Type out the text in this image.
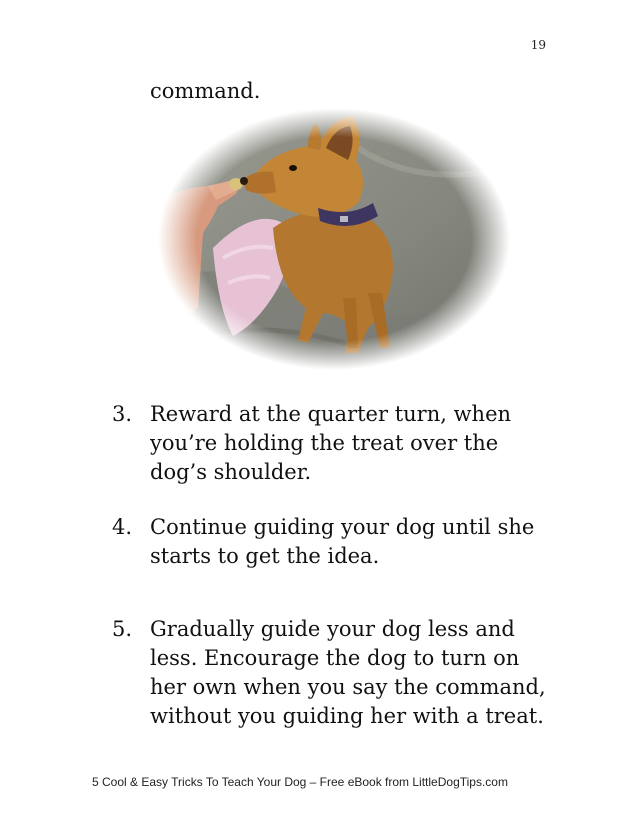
19
command.
3. Reward at the quarter turn, when you’re holding the treat over the dog’s shoulder.
4. Continue guiding your dog until she starts to get the idea.
5. Gradually guide your dog less and less. Encourage the dog to turn on her own when you say the command, without you guiding her with a treat.
5 Cool & Easy Tricks To Teach Your Dog – Free eBook from LittleDogTips.com
